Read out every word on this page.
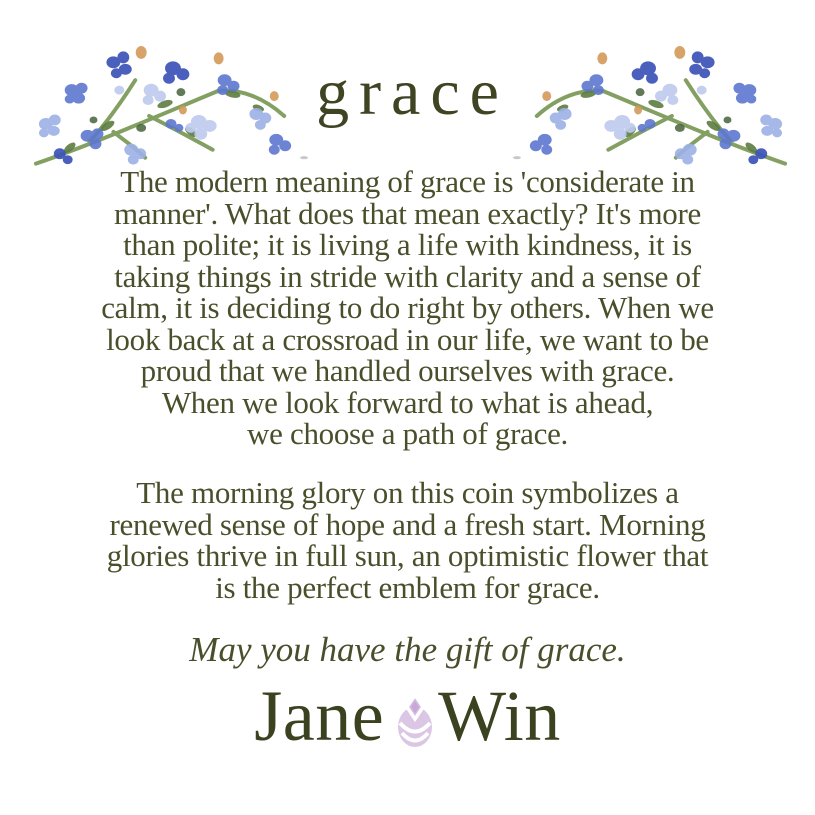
grace
The modern meaning of grace is 'considerate in
manner'. What does that mean exactly? It's more
than polite; it is living a life with kindness, it is
taking things in stride with clarity and a sense of
calm, it is deciding to do right by others. When we
look back at a crossroad in our life, we want to be
proud that we handled ourselves with grace.
When we look forward to what is ahead,
we choose a path of grace.
The morning glory on this coin symbolizes a
renewed sense of hope and a fresh start. Morning
glories thrive in full sun, an optimistic flower that
is the perfect emblem for grace.
May you have the gift of grace.
Jane Win
